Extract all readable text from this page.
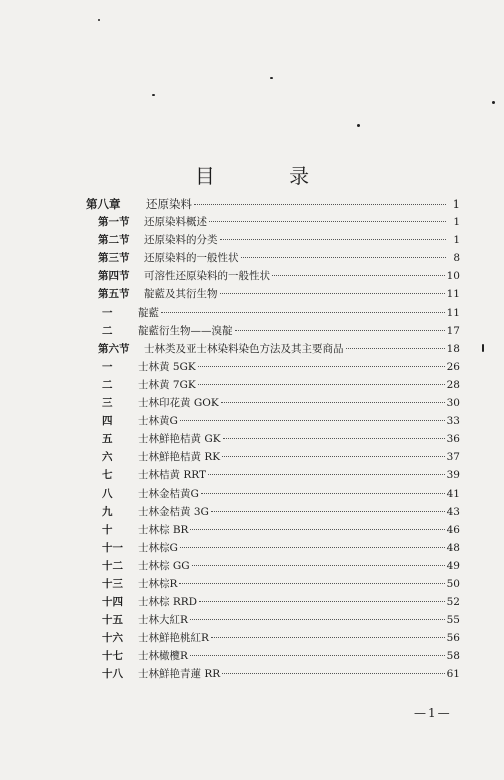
目 录
第八章	还原染料	1
第一节	还原染料概述	1
第二节	还原染料的分类	1
第三节	还原染料的一般性状	8
第四节	可溶性还原染料的一般性状	10
第五节	靛藍及其衍生物	11
一	靛藍	11
二	靛藍衍生物——溴靛	17
第六节	士林类及亚士林染料染色方法及其主要商品	18
一	士林黄 5GK	26
二	士林黄 7GK	28
三	士林印花黄 GOK	30
四	士林黄G	33
五	士林鮮艳桔黄 GK	36
六	士林鮮艳桔黄 RK	37
七	士林桔黄 RRT	39
八	士林金桔黄G	41
九	士林金桔黄 3G	43
十	士林棕 BR	46
十一	士林棕G	48
十二	士林棕 GG	49
十三	士林棕R	50
十四	士林棕 RRD	52
十五	士林大紅R	55
十六	士林鮮艳桃紅R	56
十七	士林橄欖R	58
十八	士林鮮艳青蓮 RR	61
—1—
